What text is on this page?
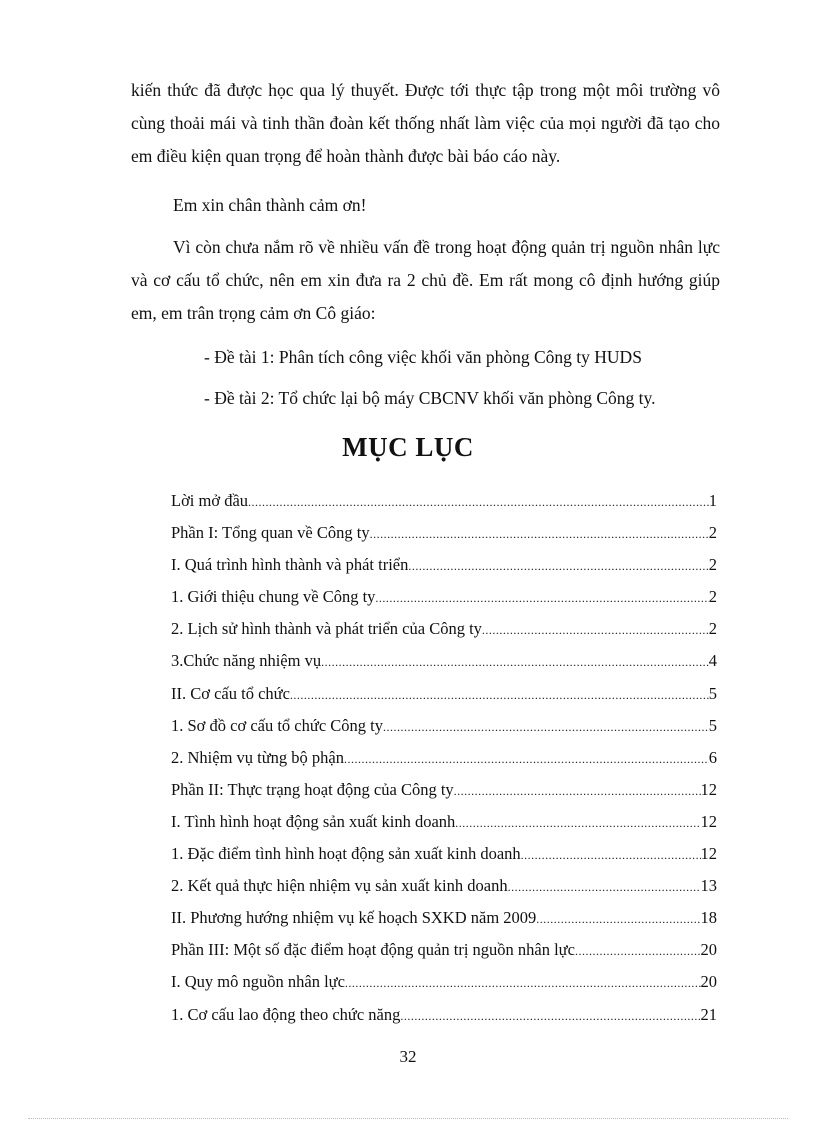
kiến thức đã được học qua lý thuyết. Được tới thực tập trong một môi trường vô cùng thoải mái và tinh thần đoàn kết thống nhất làm việc của mọi người đã tạo cho em điều kiện quan trọng để hoàn thành được bài báo cáo này.
Em xin chân thành cảm ơn!
Vì còn chưa nắm rõ về nhiều vấn đề trong hoạt động quản trị nguồn nhân lực và cơ cấu tổ chức, nên em xin đưa ra 2 chủ đề. Em rất mong cô định hướng giúp em, em trân trọng cảm ơn Cô giáo:
- Đề tài 1: Phân tích công việc khối văn phòng Công ty HUDS
- Đề tài 2: Tổ chức lại bộ máy CBCNV khối văn phòng Công ty.
MỤC LỤC
Lời mở đầu .....	1
Phần I: Tổng quan về Công ty .....	2
I. Quá trình hình thành và phát triển .....	2
1. Giới thiệu chung về Công ty .....	2
2. Lịch sử hình thành và phát triển của Công ty .....	2
3.Chức năng nhiệm vụ .....	4
II. Cơ cấu tổ chức .....	5
1. Sơ đồ cơ cấu tổ chức Công ty .....	5
2. Nhiệm vụ từng bộ phận .....	6
Phần II: Thực trạng hoạt động của Công ty .....	12
I. Tình hình hoạt động sản xuất kinh doanh .....	12
1. Đặc điểm tình hình hoạt động sản xuất kinh doanh .....	12
2. Kết quả thực hiện nhiệm vụ sản xuất kinh doanh .....	13
II. Phương hướng nhiệm vụ kế hoạch SXKD năm 2009 .....	18
Phần III: Một số đặc điểm hoạt động quản trị nguồn nhân lực .....	20
I. Quy mô nguồn nhân lực .....	20
1. Cơ cấu lao động theo chức năng .....	21
32
